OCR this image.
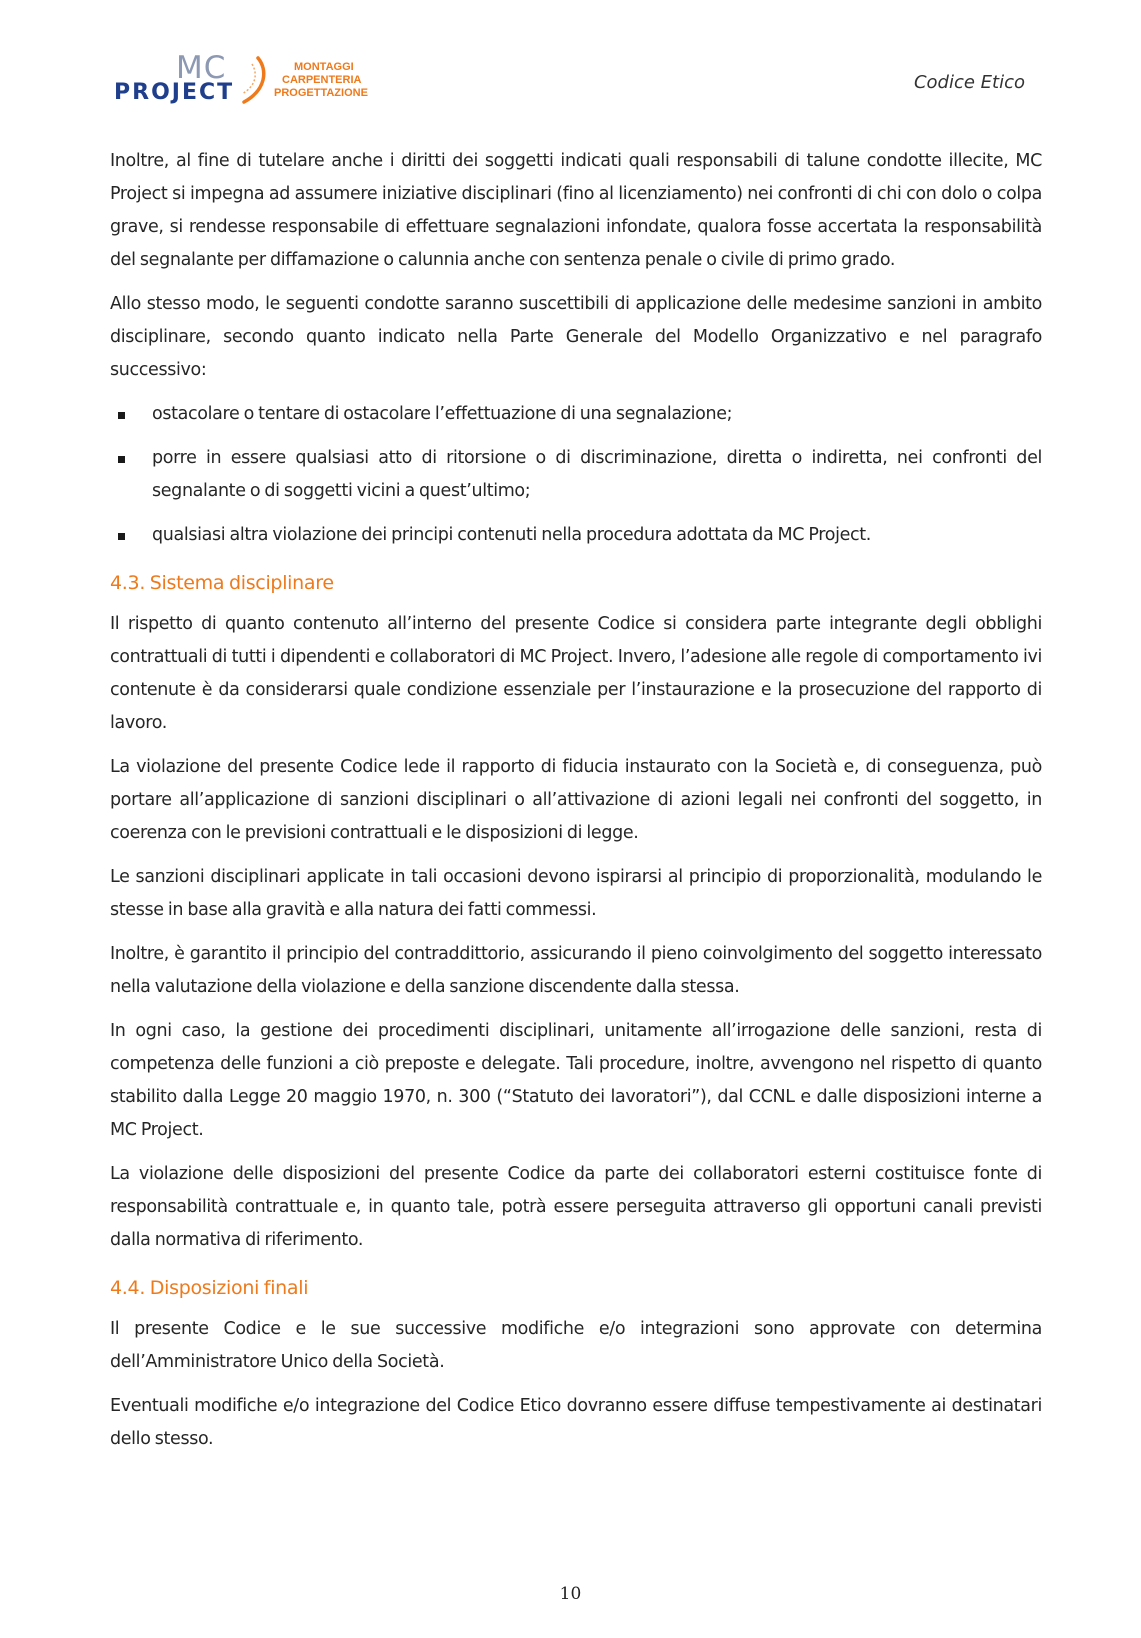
MC
PROJECT
MONTAGGI
CARPENTERIA
PROGETTAZIONE	Codice Etico

Inoltre, al fine di tutelare anche i diritti dei soggetti indicati quali responsabili di talune condotte illecite, MC Project si impegna ad assumere iniziative disciplinari (fino al licenziamento) nei confronti di chi con dolo o colpa grave, si rendesse responsabile di effettuare segnalazioni infondate, qualora fosse accertata la responsabilità del segnalante per diffamazione o calunnia anche con sentenza penale o civile di primo grado.

Allo stesso modo, le seguenti condotte saranno suscettibili di applicazione delle medesime sanzioni in ambito disciplinare, secondo quanto indicato nella Parte Generale del Modello Organizzativo e nel paragrafo successivo:

ostacolare o tentare di ostacolare l’effettuazione di una segnalazione;
porre in essere qualsiasi atto di ritorsione o di discriminazione, diretta o indiretta, nei confronti del segnalante o di soggetti vicini a quest’ultimo;
qualsiasi altra violazione dei principi contenuti nella procedura adottata da MC Project.
4.3. Sistema disciplinare

Il rispetto di quanto contenuto all’interno del presente Codice si considera parte integrante degli obblighi contrattuali di tutti i dipendenti e collaboratori di MC Project. Invero, l’adesione alle regole di comportamento ivi contenute è da considerarsi quale condizione essenziale per l’instaurazione e la prosecuzione del rapporto di lavoro.

La violazione del presente Codice lede il rapporto di fiducia instaurato con la Società e, di conseguenza, può portare all’applicazione di sanzioni disciplinari o all’attivazione di azioni legali nei confronti del soggetto, in coerenza con le previsioni contrattuali e le disposizioni di legge.

Le sanzioni disciplinari applicate in tali occasioni devono ispirarsi al principio di proporzionalità, modulando le stesse in base alla gravità e alla natura dei fatti commessi.

Inoltre, è garantito il principio del contraddittorio, assicurando il pieno coinvolgimento del soggetto interessato nella valutazione della violazione e della sanzione discendente dalla stessa.

In ogni caso, la gestione dei procedimenti disciplinari, unitamente all’irrogazione delle sanzioni, resta di competenza delle funzioni a ciò preposte e delegate. Tali procedure, inoltre, avvengono nel rispetto di quanto stabilito dalla Legge 20 maggio 1970, n. 300 (“Statuto dei lavoratori”), dal CCNL e dalle disposizioni interne a MC Project.

La violazione delle disposizioni del presente Codice da parte dei collaboratori esterni costituisce fonte di responsabilità contrattuale e, in quanto tale, potrà essere perseguita attraverso gli opportuni canali previsti dalla normativa di riferimento.

4.4. Disposizioni finali

Il presente Codice e le sue successive modifiche e/o integrazioni sono approvate con determina dell’Amministratore Unico della Società.

Eventuali modifiche e/o integrazione del Codice Etico dovranno essere diffuse tempestivamente ai destinatari dello stesso.

10
